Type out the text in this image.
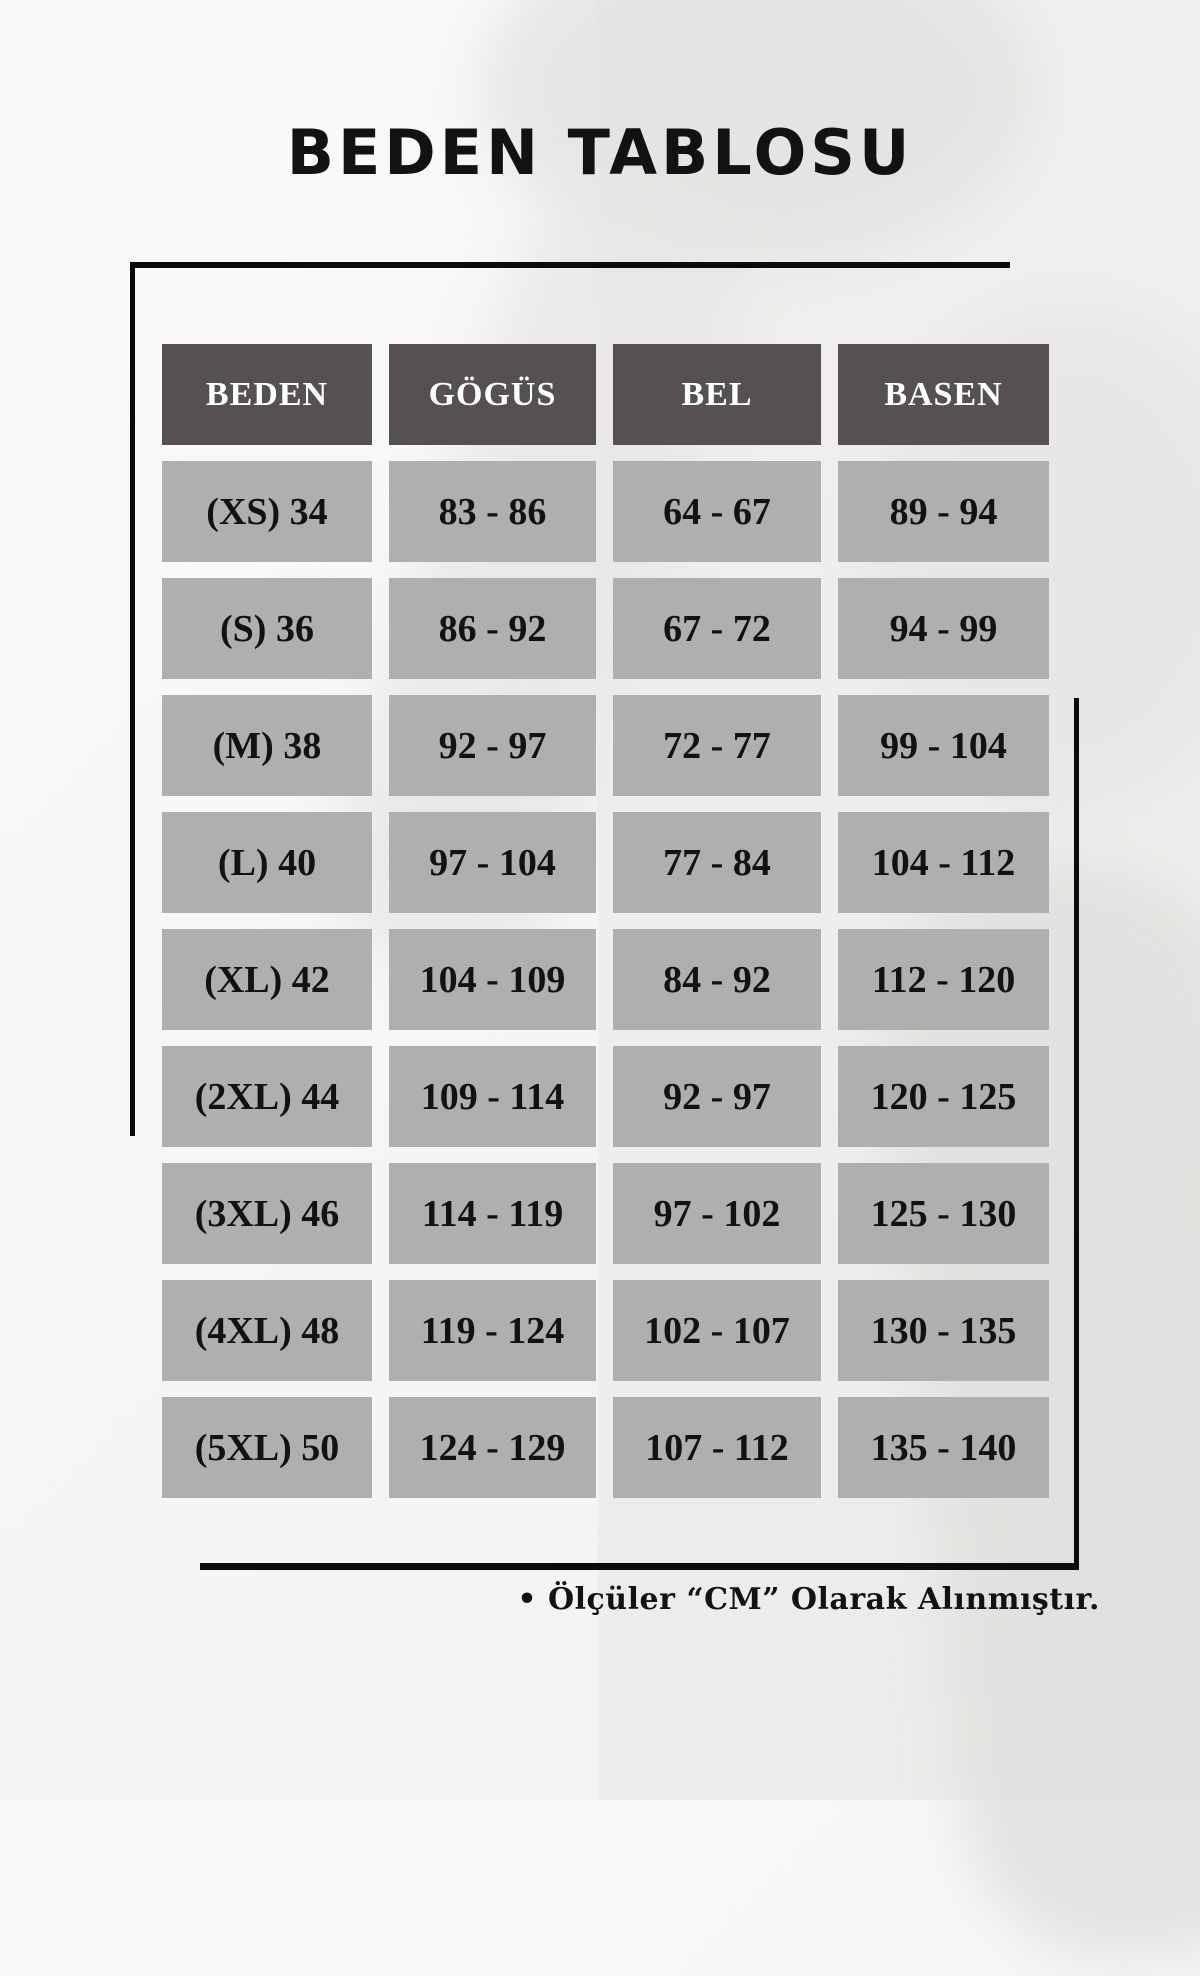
BEDEN TABLOSU
BEDEN	GÖGÜS	BEL	BASEN
(XS) 34	83 - 86	64 - 67	89 - 94
(S) 36	86 - 92	67 - 72	94 - 99
(M) 38	92 - 97	72 - 77	99 - 104
(L) 40	97 - 104	77 - 84	104 - 112
(XL) 42	104 - 109	84 - 92	112 - 120
(2XL) 44	109 - 114	92 - 97	120 - 125
(3XL) 46	114 - 119	97 - 102	125 - 130
(4XL) 48	119 - 124	102 - 107	130 - 135
(5XL) 50	124 - 129	107 - 112	135 - 140
• Ölçüler “CM” Olarak Alınmıştır.
